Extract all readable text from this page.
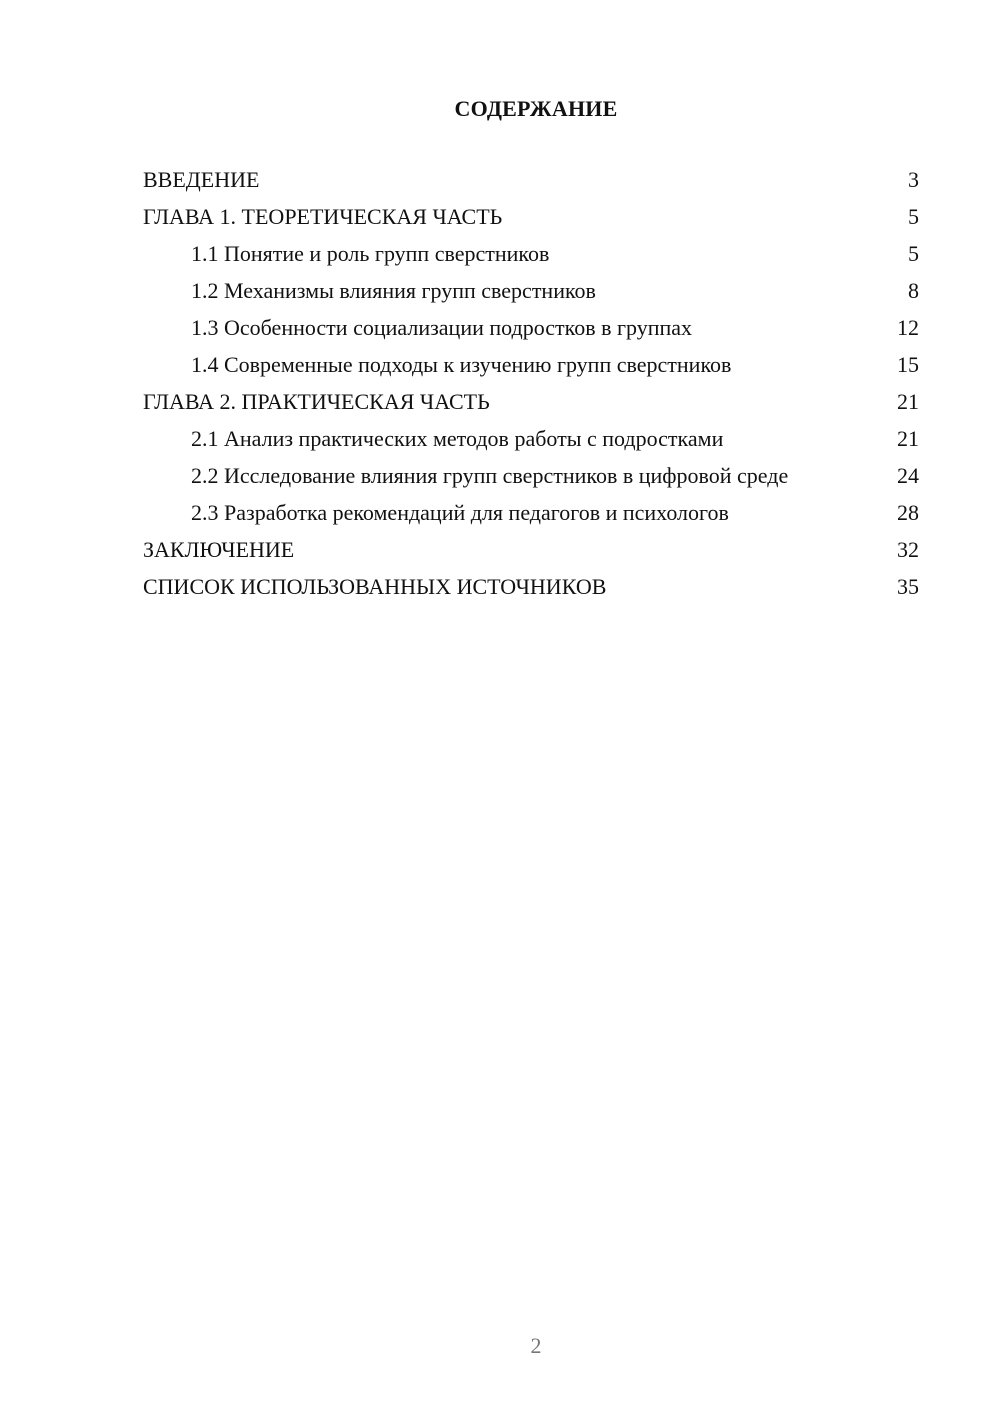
СОДЕРЖАНИЕ
ВВЕДЕНИЕ	3
ГЛАВА 1. ТЕОРЕТИЧЕСКАЯ ЧАСТЬ	5
1.1 Понятие и роль групп сверстников	5
1.2 Механизмы влияния групп сверстников	8
1.3 Особенности социализации подростков в группах	12
1.4 Современные подходы к изучению групп сверстников	15
ГЛАВА 2. ПРАКТИЧЕСКАЯ ЧАСТЬ	21
2.1 Анализ практических методов работы с подростками	21
2.2 Исследование влияния групп сверстников в цифровой среде	24
2.3 Разработка рекомендаций для педагогов и психологов	28
ЗАКЛЮЧЕНИЕ	32
СПИСОК ИСПОЛЬЗОВАННЫХ ИСТОЧНИКОВ	35
2
